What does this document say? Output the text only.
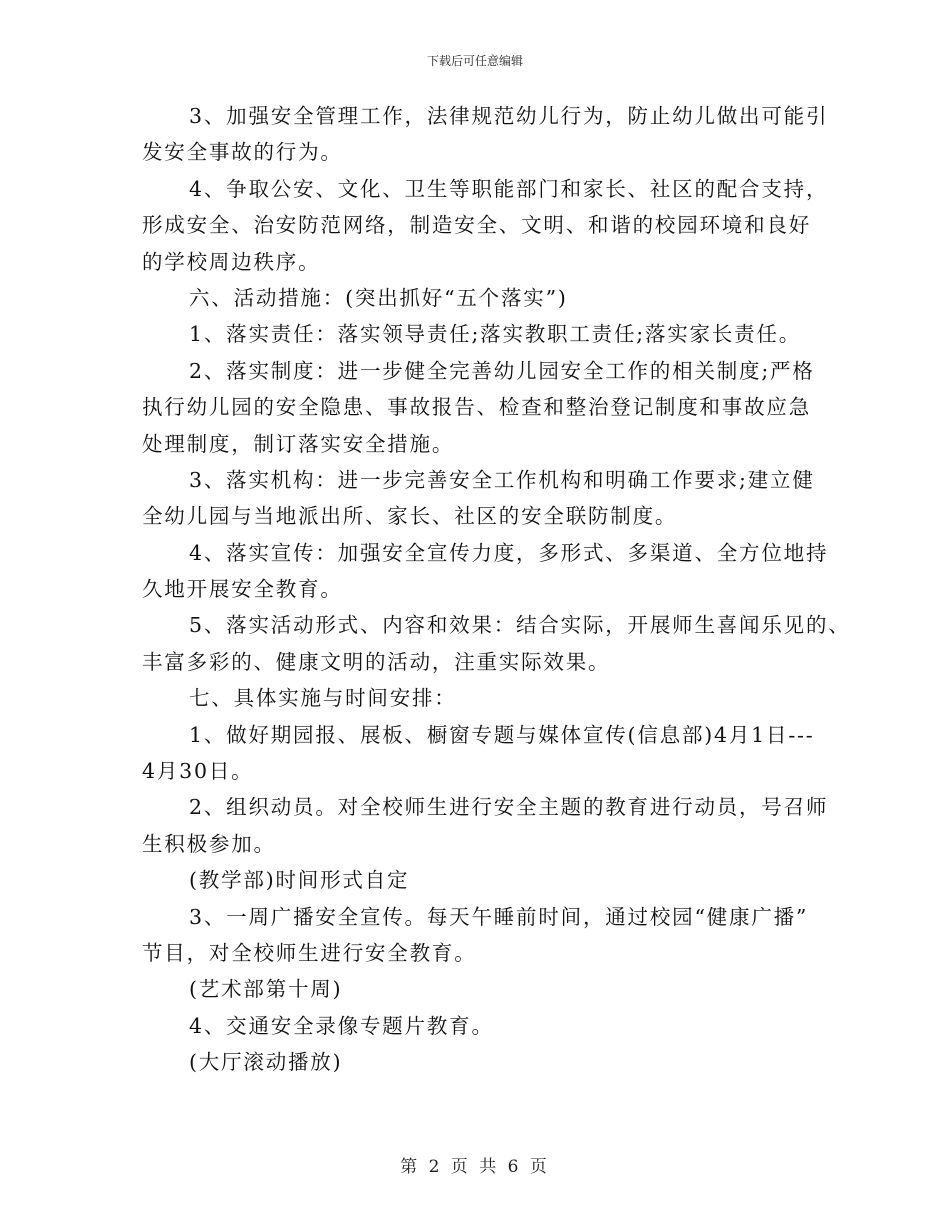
下载后可任意编辑
3、加强安全管理工作，法律规范幼儿行为，防止幼儿做出可能引
发安全事故的行为。
4、争取公安、文化、卫生等职能部门和家长、社区的配合支持，
形成安全、治安防范网络，制造安全、文明、和谐的校园环境和良好
的学校周边秩序。
六、活动措施：(突出抓好“五个落实”)
1、落实责任：落实领导责任;落实教职工责任;落实家长责任。
2、落实制度：进一步健全完善幼儿园安全工作的相关制度;严格
执行幼儿园的安全隐患、事故报告、检查和整治登记制度和事故应急
处理制度，制订落实安全措施。
3、落实机构：进一步完善安全工作机构和明确工作要求;建立健
全幼儿园与当地派出所、家长、社区的安全联防制度。
4、落实宣传：加强安全宣传力度，多形式、多渠道、全方位地持
久地开展安全教育。
5、落实活动形式、内容和效果：结合实际，开展师生喜闻乐见的、
丰富多彩的、健康文明的活动，注重实际效果。
七、具体实施与时间安排：
1、做好期园报、展板、橱窗专题与媒体宣传(信息部)4月1日---
4月30日。
2、组织动员。对全校师生进行安全主题的教育进行动员，号召师
生积极参加。
(教学部)时间形式自定
3、一周广播安全宣传。每天午睡前时间，通过校园“健康广播”
节目，对全校师生进行安全教育。
(艺术部第十周)
4、交通安全录像专题片教育。
(大厅滚动播放)
第 2 页 共 6 页
